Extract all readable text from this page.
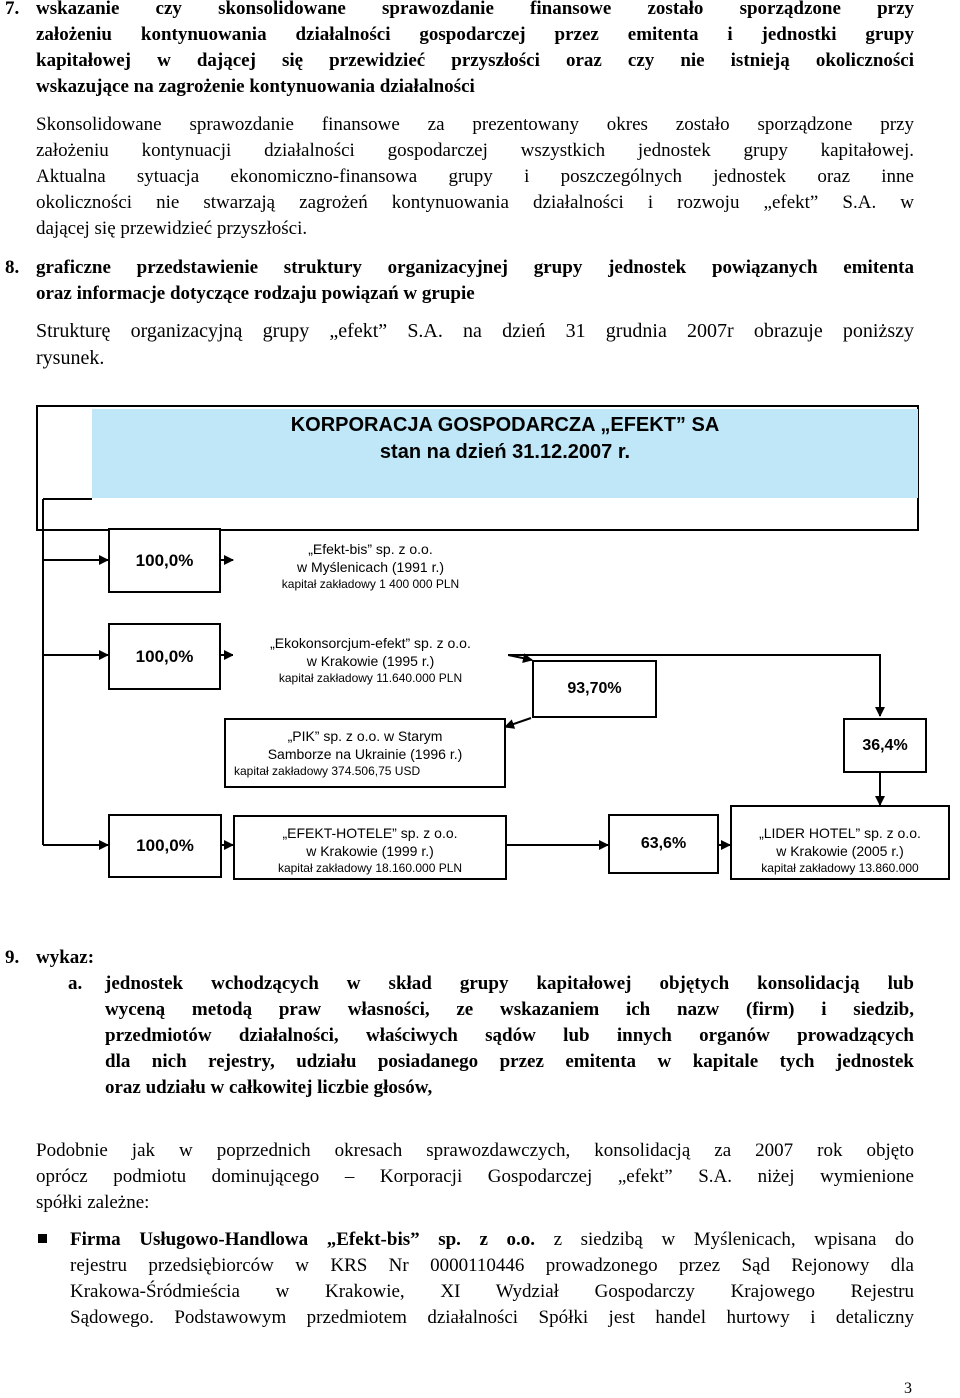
7. wskazanie czy skonsolidowane sprawozdanie finansowe zostało sporządzone przy
założeniu kontynuowania działalności gospodarczej przez emitenta i jednostki grupy
kapitałowej w dającej się przewidzieć przyszłości oraz czy nie istnieją okoliczności
wskazujące na zagrożenie kontynuowania działalności
Skonsolidowane sprawozdanie finansowe za prezentowany okres zostało sporządzone przy
założeniu kontynuacji działalności gospodarczej wszystkich jednostek grupy kapitałowej.
Aktualna sytuacja ekonomiczno-finansowa grupy i poszczególnych jednostek oraz inne
okoliczności nie stwarzają zagrożeń kontynuowania działalności i rozwoju „efekt” S.A. w
dającej się przewidzieć przyszłości.
8. graficzne przedstawienie struktury organizacyjnej grupy jednostek powiązanych emitenta
oraz informacje dotyczące rodzaju powiązań w grupie
Strukturę organizacyjną grupy „efekt” S.A. na dzień 31 grudnia 2007r obrazuje poniższy
rysunek.
KORPORACJA GOSPODARCZA „EFEKT” SA
stan na dzień 31.12.2007 r.
100,0%
„Efekt-bis” sp. z o.o.
w Myślenicach (1991 r.)
kapitał zakładowy 1 400 000 PLN
100,0%
„Ekokonsorcjum-efekt” sp. z o.o.
w Krakowie (1995 r.)
kapitał zakładowy 11.640.000 PLN
93,70%
„PIK” sp. z o.o. w Starym
Samborze na Ukrainie (1996 r.)
kapitał zakładowy 374.506,75 USD
36,4%
100,0%
„EFEKT-HOTELE” sp. z o.o.
w Krakowie (1999 r.)
kapitał zakładowy 18.160.000 PLN
63,6%
„LIDER HOTEL” sp. z o.o.
w Krakowie (2005 r.)
kapitał zakładowy 13.860.000
9. wykaz:
a. jednostek wchodzących w skład grupy kapitałowej objętych konsolidacją lub
wyceną metodą praw własności, ze wskazaniem ich nazw (firm) i siedzib,
przedmiotów działalności, właściwych sądów lub innych organów prowadzących
dla nich rejestry, udziału posiadanego przez emitenta w kapitale tych jednostek
oraz udziału w całkowitej liczbie głosów,
Podobnie jak w poprzednich okresach sprawozdawczych, konsolidacją za 2007 rok objęto
oprócz podmiotu dominującego – Korporacji Gospodarczej „efekt” S.A. niżej wymienione
spółki zależne:
Firma Usługowo-Handlowa „Efekt-bis” sp. z o.o. z siedzibą w Myślenicach, wpisana do
rejestru przedsiębiorców w KRS Nr 0000110446 prowadzonego przez Sąd Rejonowy dla
Krakowa-Śródmieścia w Krakowie, XI Wydział Gospodarczy Krajowego Rejestru
Sądowego. Podstawowym przedmiotem działalności Spółki jest handel hurtowy i detaliczny
3
